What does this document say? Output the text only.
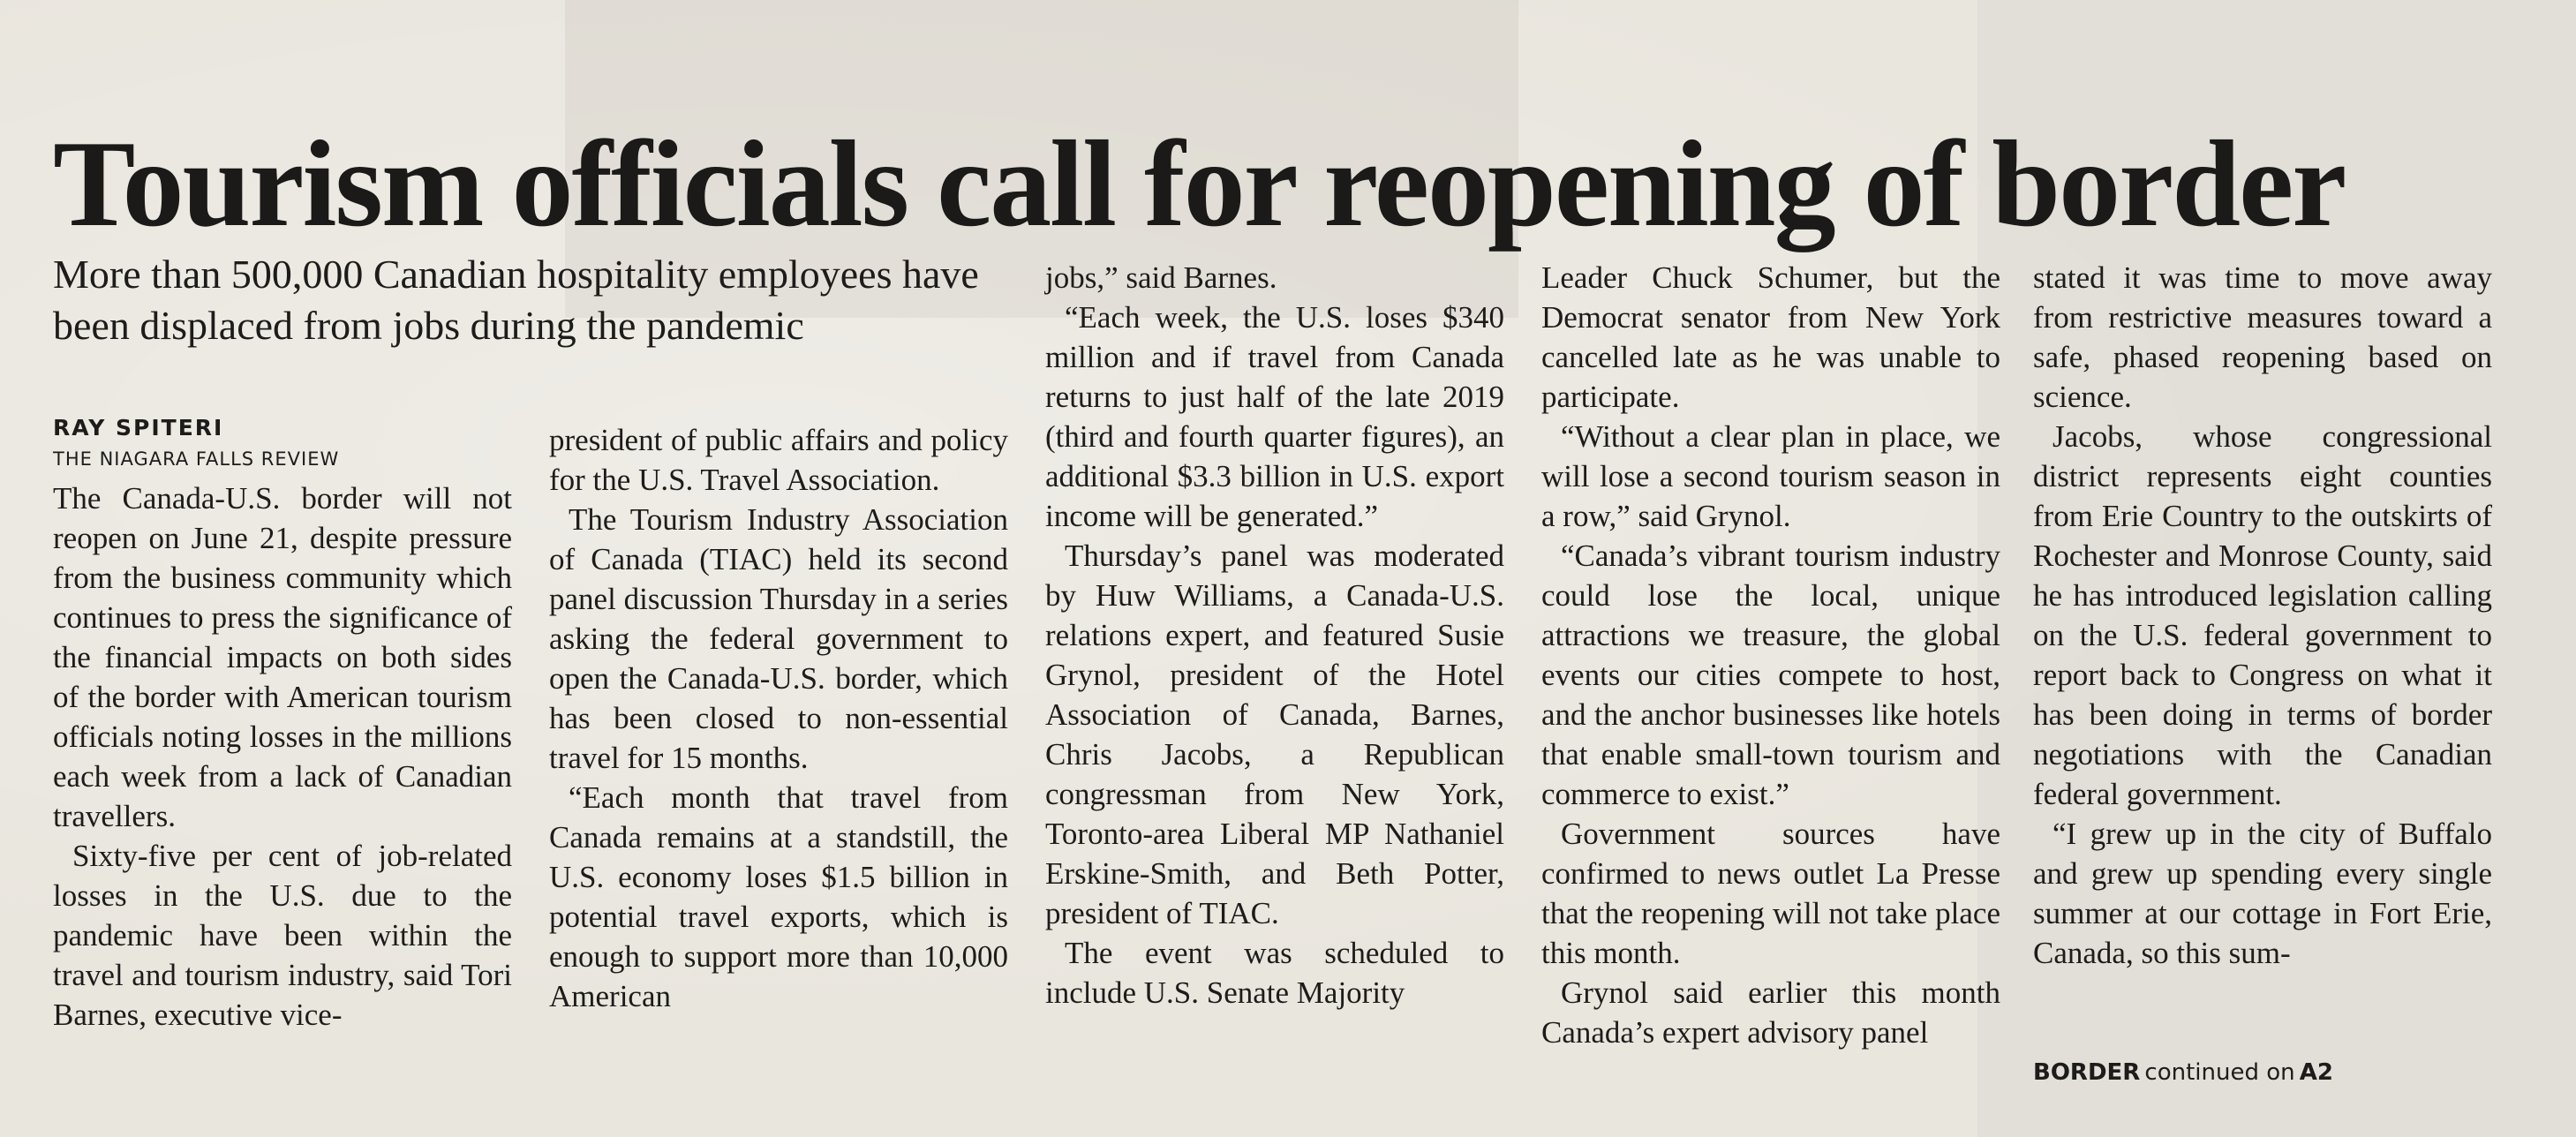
Tourism officials call for reopening of border
More than 500,000 Canadian hospitality employees have been displaced from jobs during the pandemic
RAY SPITERI
THE NIAGARA FALLS REVIEW

The Canada-U.S. border will not reopen on June 21, despite pressure from the business community which continues to press the significance of the financial impacts on both sides of the border with American tourism officials noting losses in the millions each week from a lack of Canadian travellers.

Sixty-five per cent of job-related losses in the U.S. due to the pandemic have been within the travel and tourism industry, said Tori Barnes, executive vice-

president of public affairs and policy for the U.S. Travel Association.

The Tourism Industry Association of Canada (TIAC) held its second panel discussion Thursday in a series asking the federal government to open the Canada-U.S. border, which has been closed to non-essential travel for 15 months.

“Each month that travel from Canada remains at a standstill, the U.S. economy loses $1.5 billion in potential travel exports, which is enough to support more than 10,000 American

jobs,” said Barnes.

“Each week, the U.S. loses $340 million and if travel from Canada returns to just half of the late 2019 (third and fourth quarter figures), an additional $3.3 billion in U.S. export income will be generated.”

Thursday’s panel was moderated by Huw Williams, a Canada-U.S. relations expert, and featured Susie Grynol, president of the Hotel Association of Canada, Barnes, Chris Jacobs, a Republican congressman from New York, Toronto-area Liberal MP Nathaniel Erskine-Smith, and Beth Potter, president of TIAC.

The event was scheduled to include U.S. Senate Majority

Leader Chuck Schumer, but the Democrat senator from New York cancelled late as he was unable to participate.

“Without a clear plan in place, we will lose a second tourism season in a row,” said Grynol.

“Canada’s vibrant tourism industry could lose the local, unique attractions we treasure, the global events our cities compete to host, and the anchor businesses like hotels that enable small-town tourism and commerce to exist.”

Government sources have confirmed to news outlet La Presse that the reopening will not take place this month.

Grynol said earlier this month Canada’s expert advisory panel

stated it was time to move away from restrictive measures toward a safe, phased reopening based on science.

Jacobs, whose congressional district represents eight counties from Erie Country to the outskirts of Rochester and Monrose County, said he has introduced legislation calling on the U.S. federal government to report back to Congress on what it has been doing in terms of border negotiations with the Canadian federal government.

“I grew up in the city of Buffalo and grew up spending every single summer at our cottage in Fort Erie, Canada, so this sum-

BORDER continued on A2
